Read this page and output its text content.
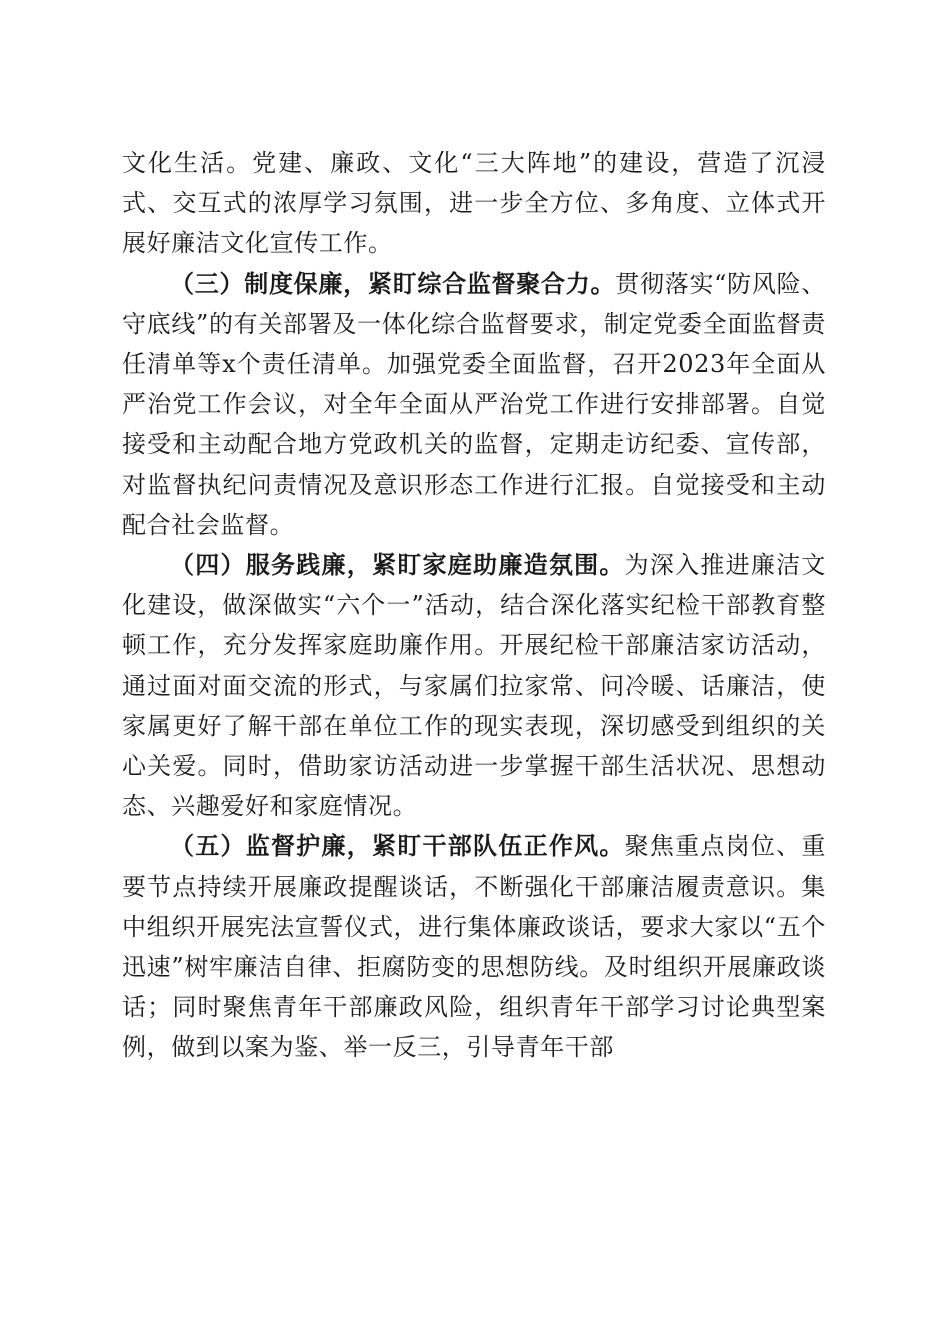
文化生活。党建、廉政、文化“三大阵地”的建设，营造了沉浸式、交互式的浓厚学习氛围，进一步全方位、多角度、立体式开展好廉洁文化宣传工作。

（三）制度保廉，紧盯综合监督聚合力。贯彻落实“防风险、守底线”的有关部署及一体化综合监督要求，制定党委全面监督责任清单等x个责任清单。加强党委全面监督，召开2023年全面从严治党工作会议，对全年全面从严治党工作进行安排部署。自觉接受和主动配合地方党政机关的监督，定期走访纪委、宣传部，对监督执纪问责情况及意识形态工作进行汇报。自觉接受和主动配合社会监督。

（四）服务践廉，紧盯家庭助廉造氛围。为深入推进廉洁文化建设，做深做实“六个一”活动，结合深化落实纪检干部教育整顿工作，充分发挥家庭助廉作用。开展纪检干部廉洁家访活动，通过面对面交流的形式，与家属们拉家常、问冷暖、话廉洁，使家属更好了解干部在单位工作的现实表现，深切感受到组织的关心关爱。同时，借助家访活动进一步掌握干部生活状况、思想动态、兴趣爱好和家庭情况。

（五）监督护廉，紧盯干部队伍正作风。聚焦重点岗位、重要节点持续开展廉政提醒谈话，不断强化干部廉洁履责意识。集中组织开展宪法宣誓仪式，进行集体廉政谈话，要求大家以“五个迅速”树牢廉洁自律、拒腐防变的思想防线。及时组织开展廉政谈话；同时聚焦青年干部廉政风险，组织青年干部学习讨论典型案例，做到以案为鉴、举一反三，引导青年干部
